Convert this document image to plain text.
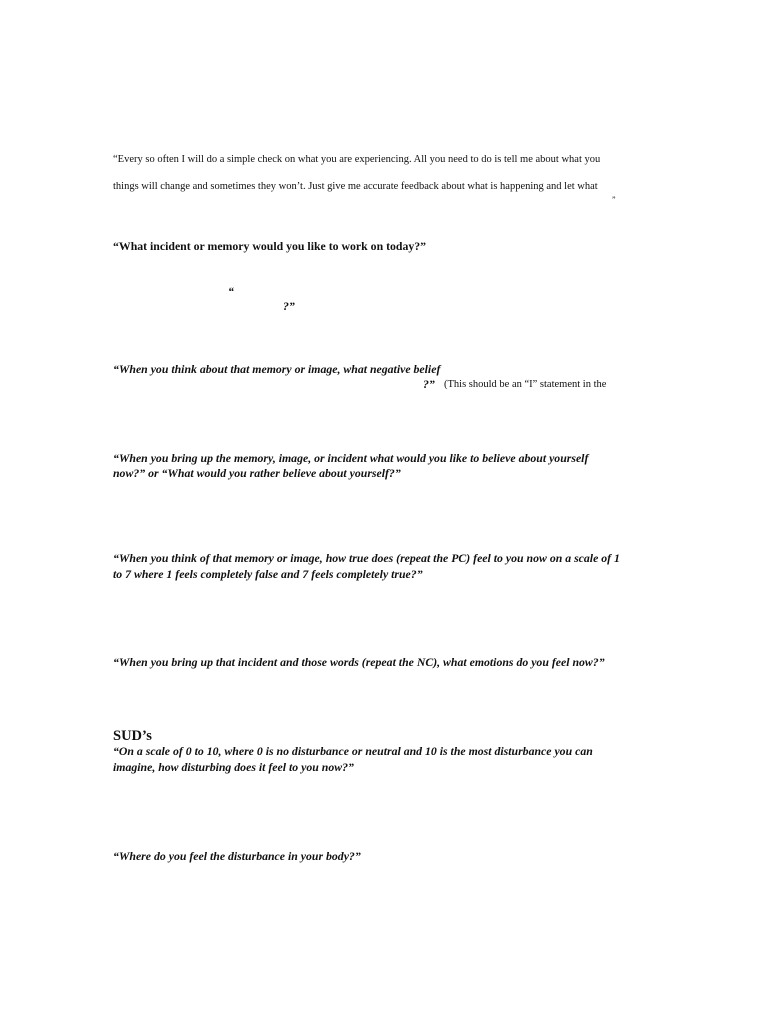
“Every so often I will do a simple check on what you are experiencing. All you need to do is tell me about what you
things will change and sometimes they won’t. Just give me accurate feedback about what is happening and let what
”
“What incident or memory would you like to work on today?”
“
?”
“When you think about that memory or image, what negative belief
?” (This should be an “I” statement in the
“When you bring up the memory, image, or incident what would you like to believe about yourself
now?” or “What would you rather believe about yourself?”
“When you think of that memory or image, how true does (repeat the PC) feel to you now on a scale of 1
to 7 where 1 feels completely false and 7 feels completely true?”
“When you bring up that incident and those words (repeat the NC), what emotions do you feel now?”
SUD’s
“On a scale of 0 to 10, where 0 is no disturbance or neutral and 10 is the most disturbance you can
imagine, how disturbing does it feel to you now?”
“Where do you feel the disturbance in your body?”
